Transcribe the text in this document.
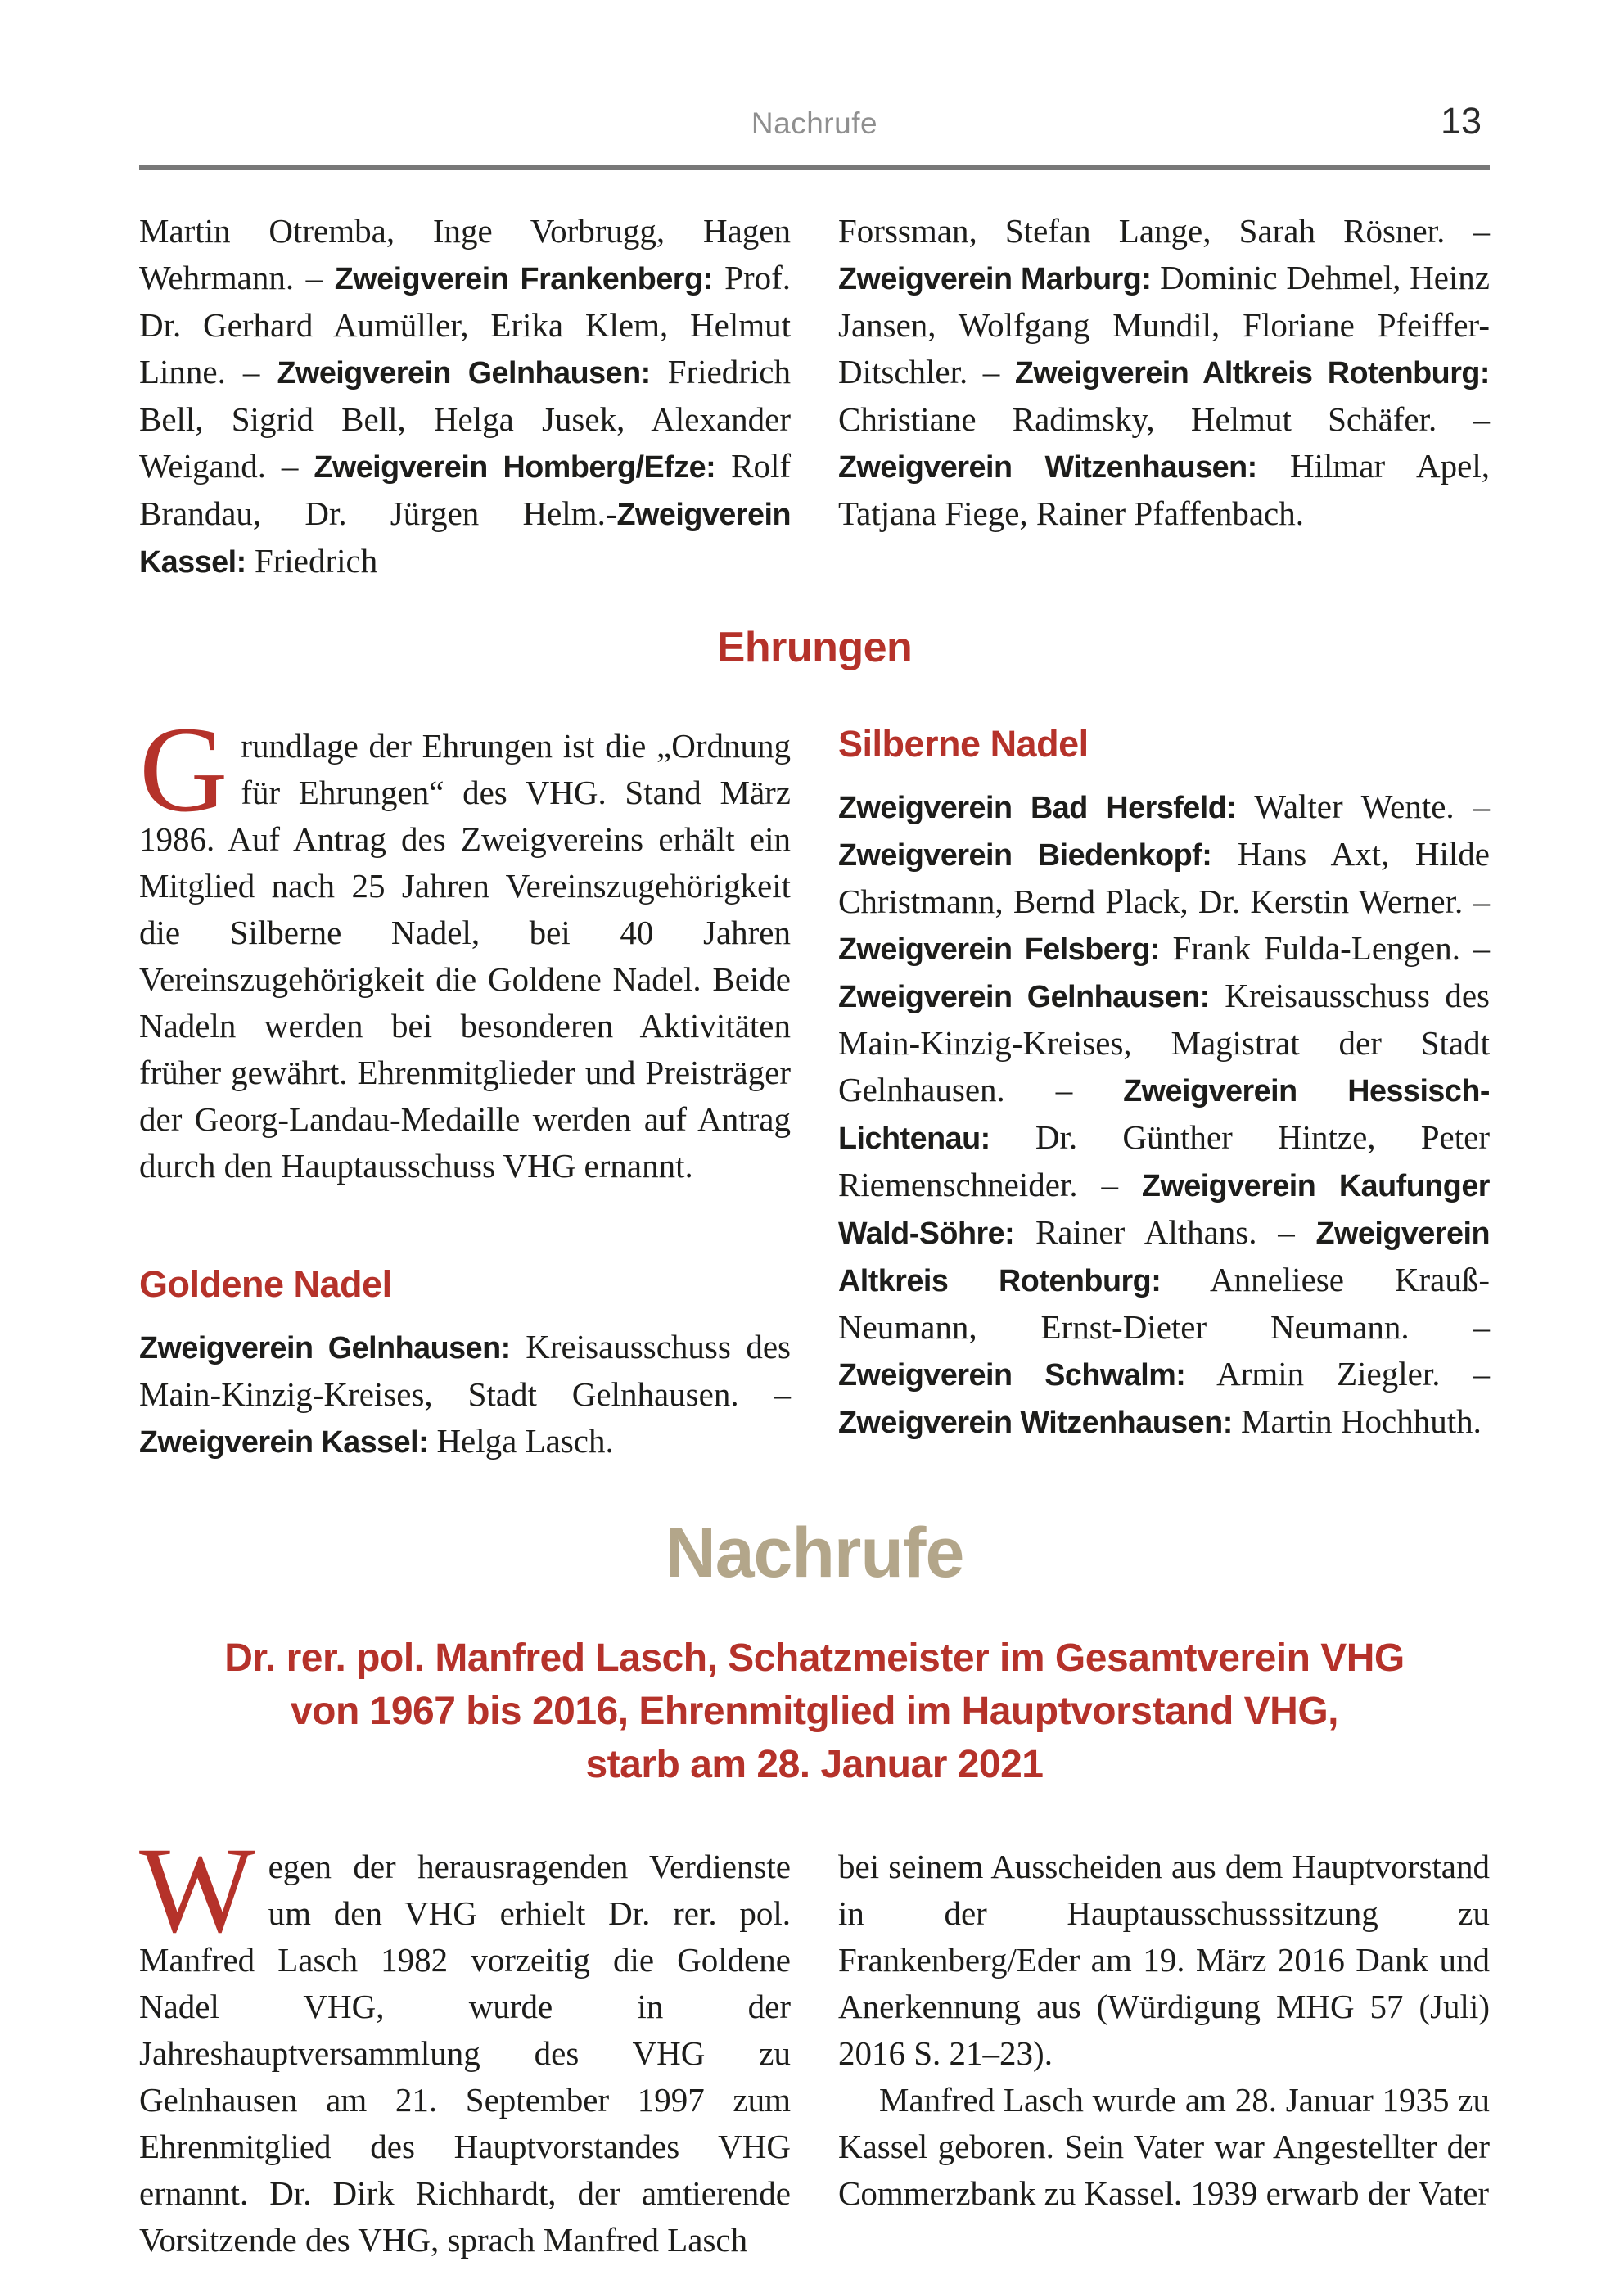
Nachrufe	13

Martin Otremba, Inge Vorbrugg, Hagen Wehrmann. – Zweigverein Frankenberg: Prof. Dr. Gerhard Aumüller, Erika Klem, Helmut Linne. – Zweigverein Gelnhausen: Friedrich Bell, Sigrid Bell, Helga Jusek, Alexander Weigand. – Zweigverein Homberg/Efze: Rolf Brandau, Dr. Jürgen Helm.-Zweigverein Kassel: Friedrich

Forssman, Stefan Lange, Sarah Rösner. – Zweigverein Marburg: Dominic Dehmel, Heinz Jansen, Wolfgang Mundil, Floriane Pfeiffer-Ditschler. – Zweigverein Altkreis Rotenburg: Christiane Radimsky, Helmut Schäfer. – Zweigverein Witzenhausen: Hilmar Apel, Tatjana Fiege, Rainer Pfaffenbach.

Ehrungen

Grundlage der Ehrungen ist die „Ordnung für Ehrungen“ des VHG. Stand März 1986. Auf Antrag des Zweigvereins erhält ein Mitglied nach 25 Jahren Vereinszugehörigkeit die Silberne Nadel, bei 40 Jahren Vereinszugehörigkeit die Goldene Nadel. Beide Nadeln werden bei besonderen Aktivitäten früher gewährt. Ehrenmitglieder und Preisträger der Georg-Landau-Medaille werden auf Antrag durch den Hauptausschuss VHG ernannt.

Goldene Nadel

Zweigverein Gelnhausen: Kreisausschuss des Main-Kinzig-Kreises, Stadt Gelnhausen. – Zweigverein Kassel: Helga Lasch.

Silberne Nadel

Zweigverein Bad Hersfeld: Walter Wente. – Zweigverein Biedenkopf: Hans Axt, Hilde Christmann, Bernd Plack, Dr. Kerstin Werner. – Zweigverein Felsberg: Frank Fulda-Lengen. – Zweigverein Gelnhausen: Kreisausschuss des Main-Kinzig-Kreises, Magistrat der Stadt Gelnhausen. – Zweigverein Hessisch-Lichtenau: Dr. Günther Hintze, Peter Riemenschneider. – Zweigverein Kaufunger Wald-Söhre: Rainer Althans. – Zweigverein Altkreis Rotenburg: Anneliese Krauß-Neumann, Ernst-Dieter Neumann. – Zweigverein Schwalm: Armin Ziegler. – Zweigverein Witzenhausen: Martin Hochhuth.

Nachrufe
Dr. rer. pol. Manfred Lasch, Schatzmeister im Gesamtverein VHG
von 1967 bis 2016, Ehrenmitglied im Hauptvorstand VHG,
starb am 28. Januar 2021

Wegen der herausragenden Verdienste um den VHG erhielt Dr. rer. pol. Manfred Lasch 1982 vorzeitig die Goldene Nadel VHG, wurde in der Jahreshauptversammlung des VHG zu Gelnhausen am 21. September 1997 zum Ehrenmitglied des Hauptvorstandes VHG ernannt. Dr. Dirk Richhardt, der amtierende Vorsitzende des VHG, sprach Manfred Lasch

bei seinem Ausscheiden aus dem Hauptvorstand in der Hauptausschusssitzung zu Frankenberg/Eder am 19. März 2016 Dank und Anerkennung aus (Würdigung MHG 57 (Juli) 2016 S. 21–23).

Manfred Lasch wurde am 28. Januar 1935 zu Kassel geboren. Sein Vater war Angestellter der Commerzbank zu Kassel. 1939 erwarb der Vater
